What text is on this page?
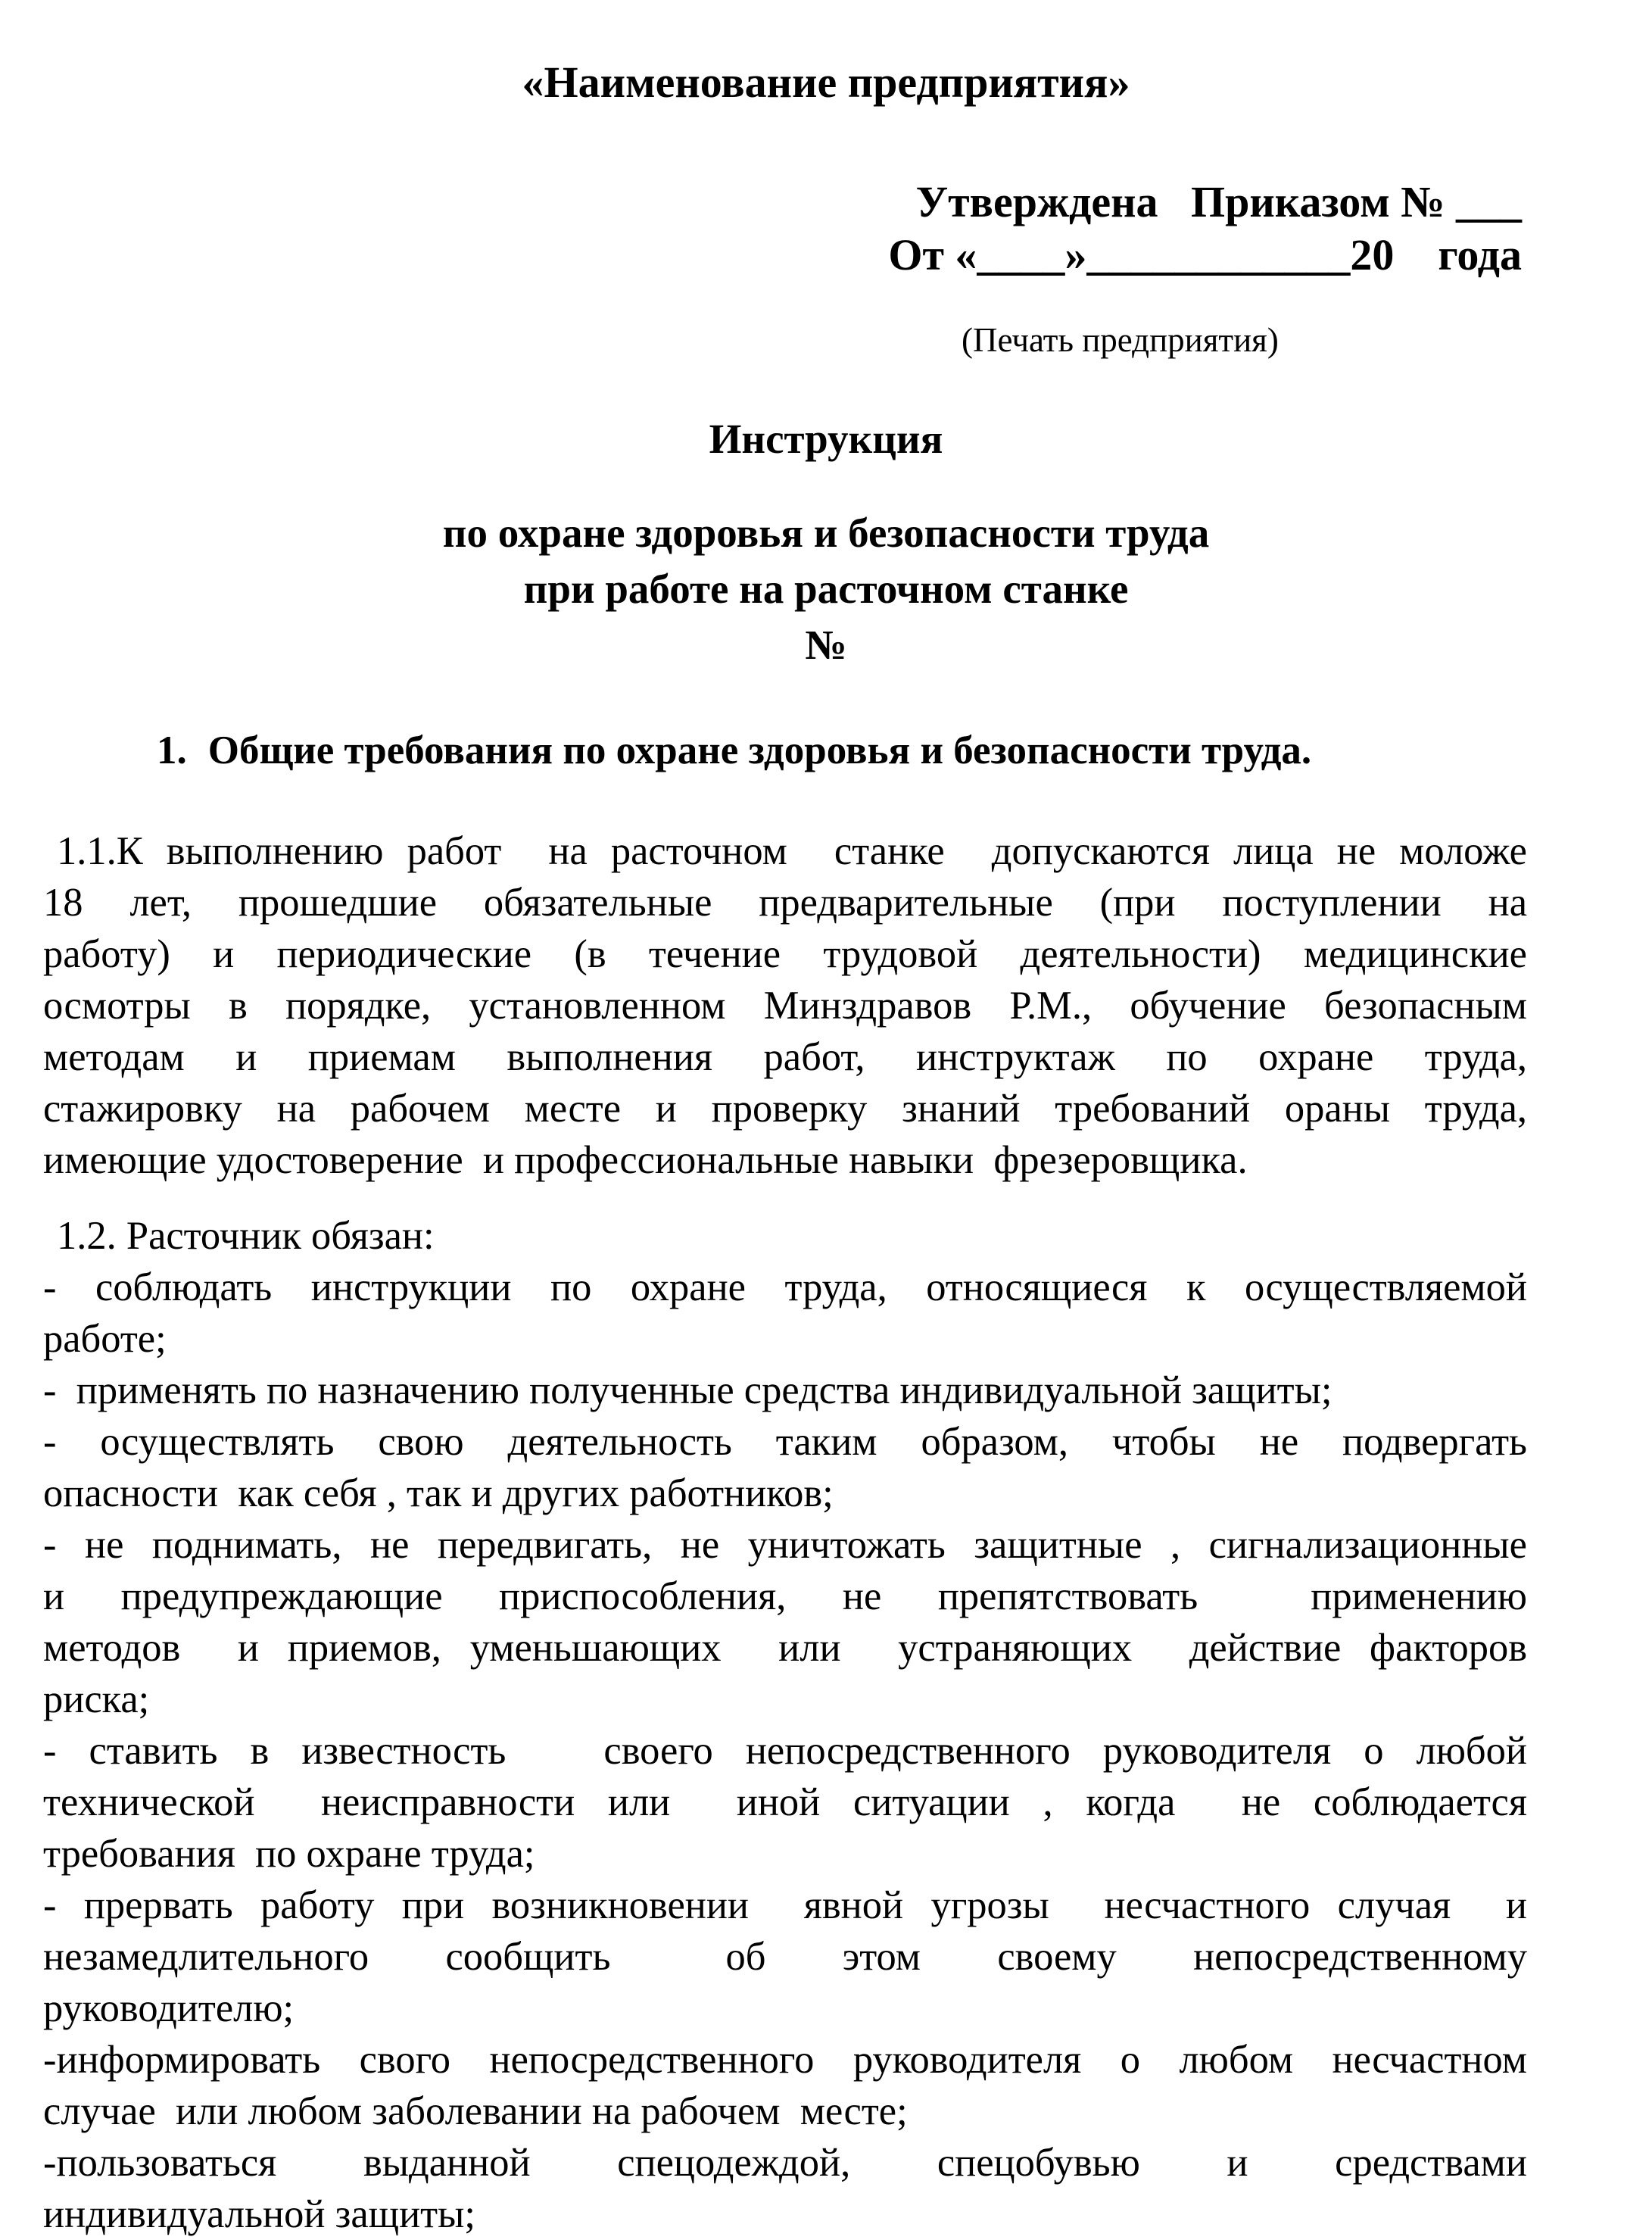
«Наименование предприятия»
Утверждена   Приказом № ___
От «____»____________20    года
(Печать предприятия)
Инструкция
по охране здоровья и безопасности труда
при работе на расточном станке
№
1. Общие требования по охране здоровья и безопасности труда.
1.1.К выполнению работ  на расточном  станке  допускаются лица не моложе
18 лет, прошедшие обязательные предварительные (при поступлении на
работу) и периодические (в течение трудовой деятельности) медицинские
осмотры в порядке, установленном Минздравов Р.М., обучение безопасным
методам и приемам выполнения работ, инструктаж по охране труда,
стажировку на рабочем месте и проверку знаний требований ораны труда,
имеющие удостоверение  и профессиональные навыки  фрезеровщика.
1.2. Расточник обязан:
- соблюдать инструкции по охране труда, относящиеся к осуществляемой
работе;
-  применять по назначению полученные средства индивидуальной защиты;
- осуществлять свою деятельность таким образом, чтобы не подвергать
опасности  как себя , так и других работников;
- не поднимать, не передвигать, не уничтожать защитные , сигнализационные
и предупреждающие приспособления, не препятствовать  применению
методов  и приемов, уменьшающих  или  устраняющих  действие факторов
риска;
- ставить в известность   своего непосредственного руководителя о любой
технической  неисправности или  иной ситуации , когда  не соблюдается
требования  по охране труда;
- прервать работу при возникновении  явной угрозы  несчастного случая  и
незамедлительного  сообщить   об  этом  своему  непосредственному
руководителю;
-информировать свого непосредственного руководителя о любом несчастном
случае  или любом заболевании на рабочем  месте;
-пользоваться  выданной  спецодеждой,  спецобувью  и  средствами
индивидуальной защиты;
